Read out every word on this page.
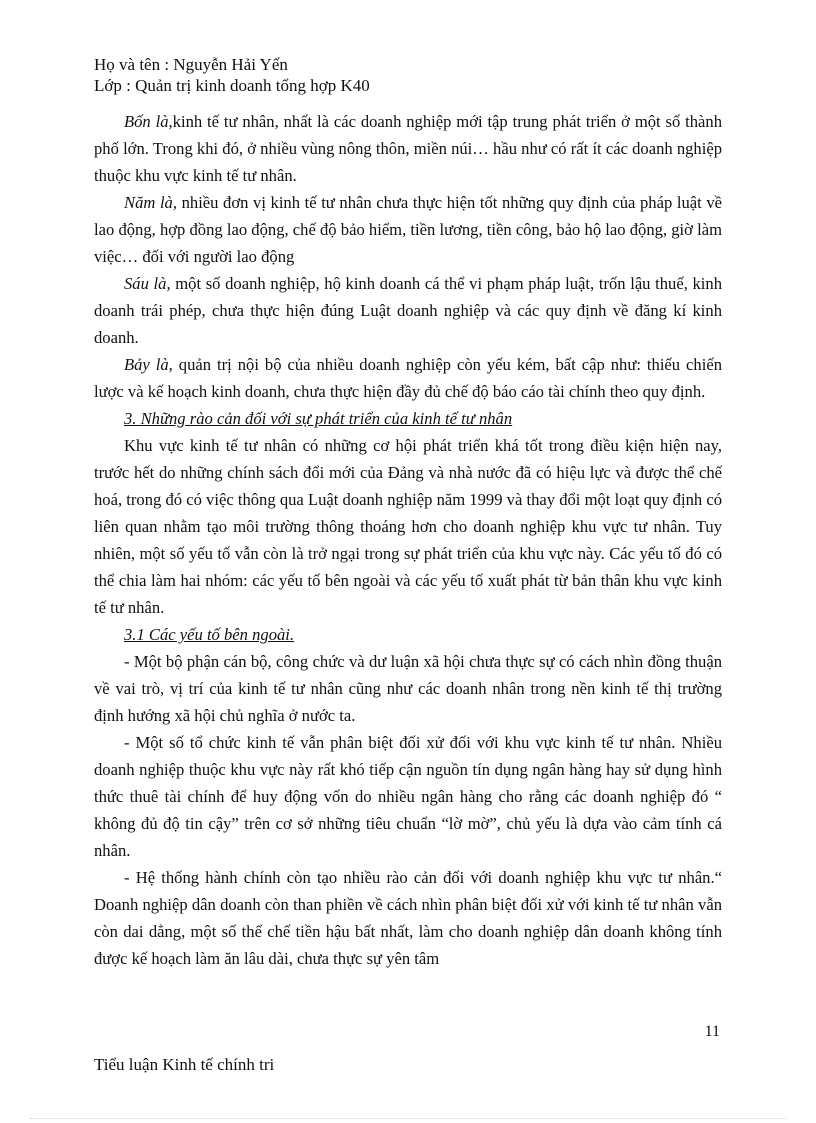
Họ và tên : Nguyễn Hải Yến
Lớp : Quản trị kinh doanh tổng hợp K40

Bốn là,kinh tế tư nhân, nhất là các doanh nghiệp mới tập trung phát triển ở một số thành phố lớn. Trong khi đó, ở nhiều vùng nông thôn, miền núi… hầu như có rất ít các doanh nghiệp thuộc khu vực kinh tế tư nhân.

Năm là, nhiều đơn vị kinh tế tư nhân chưa thực hiện tốt những quy định của pháp luật về lao động, hợp đồng lao động, chế độ bảo hiểm, tiền lương, tiền công, bảo hộ lao động, giờ làm việc… đối với người lao động

Sáu là, một số doanh nghiệp, hộ kinh doanh cá thể vi phạm pháp luật, trốn lậu thuế, kinh doanh trái phép, chưa thực hiện đúng Luật doanh nghiệp và các quy định về đăng kí kinh doanh.

Bảy là, quản trị nội bộ của nhiều doanh nghiệp còn yếu kém, bất cập như: thiếu chiến lược và kế hoạch kinh doanh, chưa thực hiện đầy đủ chế độ báo cáo tài chính theo quy định.

3. Những rào cản đối với sự phát triển của kinh tế tư nhân

Khu vực kinh tế tư nhân có những cơ hội phát triển khá tốt trong điều kiện hiện nay, trước hết do những chính sách đổi mới của Đảng và nhà nước đã có hiệu lực và được thể chế hoá, trong đó có việc thông qua Luật doanh nghiệp năm 1999 và thay đổi một loạt quy định có liên quan nhằm tạo môi trường thông thoáng hơn cho doanh nghiệp khu vực tư nhân. Tuy nhiên, một số yếu tố vẫn còn là trở ngại trong sự phát triển của khu vực này. Các yếu tố đó có thể chia làm hai nhóm: các yếu tố bên ngoài và các yếu tố xuất phát từ bản thân khu vực kinh tế tư nhân.

3.1 Các yếu tố bên ngoài.

- Một bộ phận cán bộ, công chức và dư luận xã hội chưa thực sự có cách nhìn đồng thuận về vai trò, vị trí của kinh tế tư nhân cũng như các doanh nhân trong nền kinh tế thị trường định hướng xã hội chủ nghĩa ở nước ta.

- Một số tổ chức kinh tế vẫn phân biệt đối xử đối với khu vực kinh tế tư nhân. Nhiều doanh nghiệp thuộc khu vực này rất khó tiếp cận nguồn tín dụng ngân hàng hay sử dụng hình thức thuê tài chính để huy động vốn do nhiều ngân hàng cho rằng các doanh nghiệp đó “ không đủ độ tin cậy” trên cơ sở những tiêu chuẩn “lờ mờ”, chủ yếu là dựa vào cảm tính cá nhân.

- Hệ thống hành chính còn tạo nhiều rào cản đối với doanh nghiệp khu vực tư nhân.“ Doanh nghiệp dân doanh còn than phiền về cách nhìn phân biệt đối xử với kinh tế tư nhân vẫn còn dai dẳng, một số thể chế tiền hậu bất nhất, làm cho doanh nghiệp dân doanh không tính được kế hoạch làm ăn lâu dài, chưa thực sự yên tâm

11
Tiểu luận Kinh tế chính tri
